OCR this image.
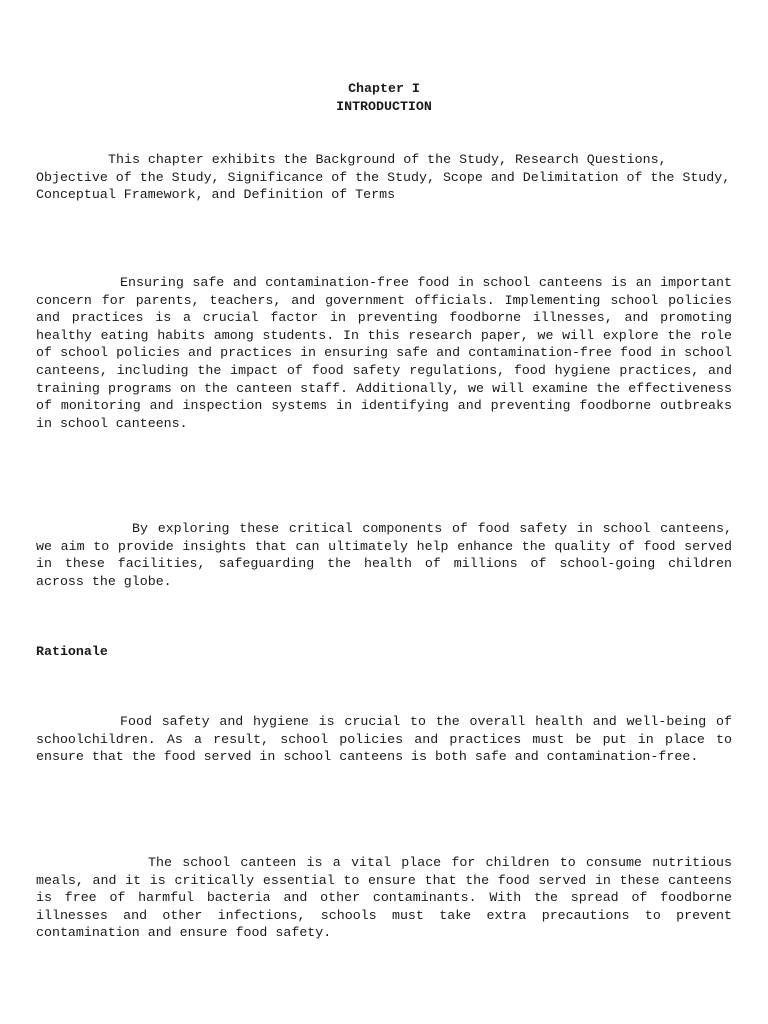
Chapter I
INTRODUCTION

This chapter exhibits the Background of the Study, Research Questions, Objective of the Study, Significance of the Study, Scope and Delimitation of the Study, Conceptual Framework, and Definition of Terms

Ensuring safe and contamination-free food in school canteens is an important concern for parents, teachers, and government officials. Implementing school policies and practices is a crucial factor in preventing foodborne illnesses, and promoting healthy eating habits among students. In this research paper, we will explore the role of school policies and practices in ensuring safe and contamination-free food in school canteens, including the impact of food safety regulations, food hygiene practices, and training programs on the canteen staff. Additionally, we will examine the effectiveness of monitoring and inspection systems in identifying and preventing foodborne outbreaks in school canteens.

By exploring these critical components of food safety in school canteens, we aim to provide insights that can ultimately help enhance the quality of food served in these facilities, safeguarding the health of millions of school-going children across the globe.

Rationale

Food safety and hygiene is crucial to the overall health and well-being of schoolchildren. As a result, school policies and practices must be put in place to ensure that the food served in school canteens is both safe and contamination-free.

The school canteen is a vital place for children to consume nutritious meals, and it is critically essential to ensure that the food served in these canteens is free of harmful bacteria and other contaminants. With the spread of foodborne illnesses and other infections, schools must take extra precautions to prevent contamination and ensure food safety.
